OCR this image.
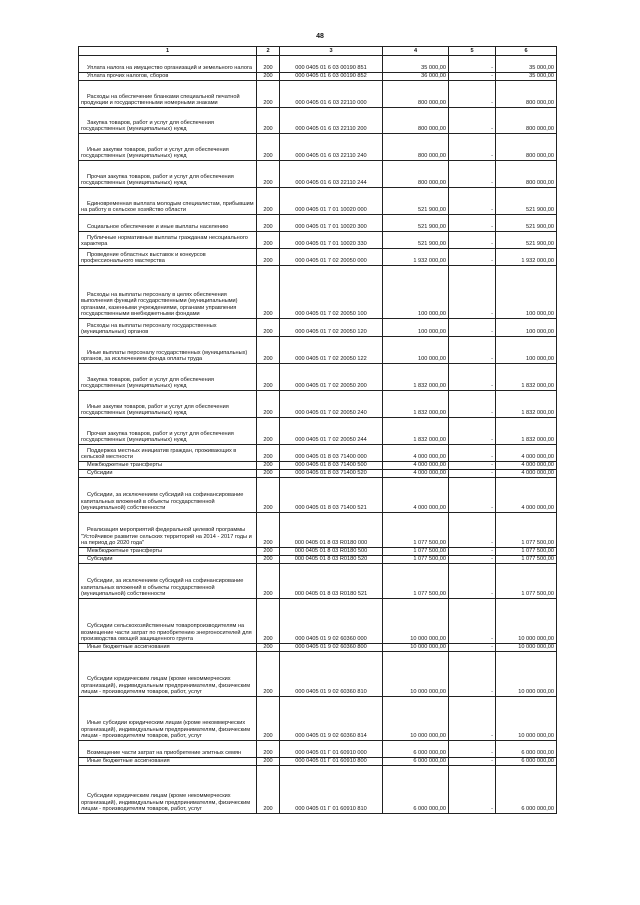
48
1	2	3	4	5	6
Уплата налога на имущество организаций и земельного налога	200	000 0405 01 6 03 00190 851	35 000,00	-	35 000,00
Уплата прочих налогов, сборов	200	000 0405 01 6 03 00190 852	36 000,00	-	35 000,00
Расходы на обеспечение бланками специальной печатной продукции и государственными номерными знаками	200	000 0405 01 6 03 22110 000	800 000,00	-	800 000,00
Закупка товаров, работ и услуг для обеспечения государственных (муниципальных) нужд	200	000 0405 01 6 03 22110 200	800 000,00	-	800 000,00
Иные закупки товаров, работ и услуг для обеспечения государственных (муниципальных) нужд	200	000 0405 01 6 03 22110 240	800 000,00	-	800 000,00
Прочая закупка товаров, работ и услуг для обеспечения государственных (муниципальных) нужд	200	000 0405 01 6 03 22110 244	800 000,00	-	800 000,00
Единовременная выплата молодым специалистам, прибывшим на работу в сельское хозяйство области	200	000 0405 01 7 01 10020 000	521 900,00	-	521 900,00
Социальное обеспечение и иные выплаты населению	200	000 0405 01 7 01 10020 300	521 900,00	-	521 900,00
Публичные нормативные выплаты гражданам несоциального характера	200	000 0405 01 7 01 10020 330	521 900,00	-	521 900,00
Проведение областных выставок и конкурсов профессионального мастерства	200	000 0405 01 7 02 20050 000	1 932 000,00	-	1 932 000,00
Расходы на выплаты персоналу в целях обеспечения выполнения функций государственными (муниципальными) органами, казенными учреждениями, органами управления государственными внебюджетными фондами	200	000 0405 01 7 02 20050 100	100 000,00	-	100 000,00
Расходы на выплаты персоналу государственных (муниципальных) органов	200	000 0405 01 7 02 20050 120	100 000,00	-	100 000,00
Иные выплаты персоналу государственных (муниципальных) органов, за исключением фонда оплаты труда	200	000 0405 01 7 02 20050 122	100 000,00	-	100 000,00
Закупка товаров, работ и услуг для обеспечения государственных (муниципальных) нужд	200	000 0405 01 7 02 20050 200	1 832 000,00	-	1 832 000,00
Иные закупки товаров, работ и услуг для обеспечения государственных (муниципальных) нужд	200	000 0405 01 7 02 20050 240	1 832 000,00	-	1 832 000,00
Прочая закупка товаров, работ и услуг для обеспечения государственных (муниципальных) нужд	200	000 0405 01 7 02 20050 244	1 832 000,00	-	1 832 000,00
Поддержка местных инициатив граждан, проживающих в сельской местности	200	000 0405 01 8 03 71400 000	4 000 000,00	-	4 000 000,00
Межбюджетные трансферты	200	000 0405 01 8 03 71400 500	4 000 000,00	-	4 000 000,00
Субсидии	200	000 0405 01 8 03 71400 520	4 000 000,00	-	4 000 000,00
Субсидии, за исключением субсидий на софинансирование капитальных вложений в объекты государственной (муниципальной) собственности	200	000 0405 01 8 03 71400 521	4 000 000,00	-	4 000 000,00
Реализация мероприятий федеральной целевой программы "Устойчивое развитие сельских территорий на 2014 - 2017 годы и на период до 2020 года"	200	000 0405 01 8 03 R0180 000	1 077 500,00	-	1 077 500,00
Межбюджетные трансферты	200	000 0405 01 8 03 R0180 500	1 077 500,00	-	1 077 500,00
Субсидии	200	000 0405 01 8 03 R0180 520	1 077 500,00	-	1 077 500,00
Субсидии, за исключением субсидий на софинансирование капитальных вложений в объекты государственной (муниципальной) собственности	200	000 0405 01 8 03 R0180 521	1 077 500,00	-	1 077 500,00
Субсидии сельскохозяйственным товаропроизводителям на возмещение части затрат по приобретению энергоносителей для производства овощей защищенного грунта	200	000 0405 01 9 02 60360 000	10 000 000,00	-	10 000 000,00
Иные бюджетные ассигнования	200	000 0405 01 9 02 60360 800	10 000 000,00	-	10 000 000,00
Субсидии юридическим лицам (кроме некоммерческих организаций), индивидуальным предпринимателям, физическим лицам - производителям товаров, работ, услуг	200	000 0405 01 9 02 60360 810	10 000 000,00	-	10 000 000,00
Иные субсидии юридическим лицам (кроме некоммерческих организаций), индивидуальным предпринимателям, физическим лицам - производителям товаров, работ, услуг	200	000 0405 01 9 02 60360 814	10 000 000,00	-	10 000 000,00
Возмещение части затрат на приобретение элитных семян	200	000 0405 01 Г 01 60910 000	6 000 000,00	-	6 000 000,00
Иные бюджетные ассигнования	200	000 0405 01 Г 01 60910 800	6 000 000,00	-	6 000 000,00
Субсидии юридическим лицам (кроме некоммерческих организаций), индивидуальным предпринимателям, физическим лицам - производителям товаров, работ, услуг	200	000 0405 01 Г 01 60910 810	6 000 000,00	-	6 000 000,00
